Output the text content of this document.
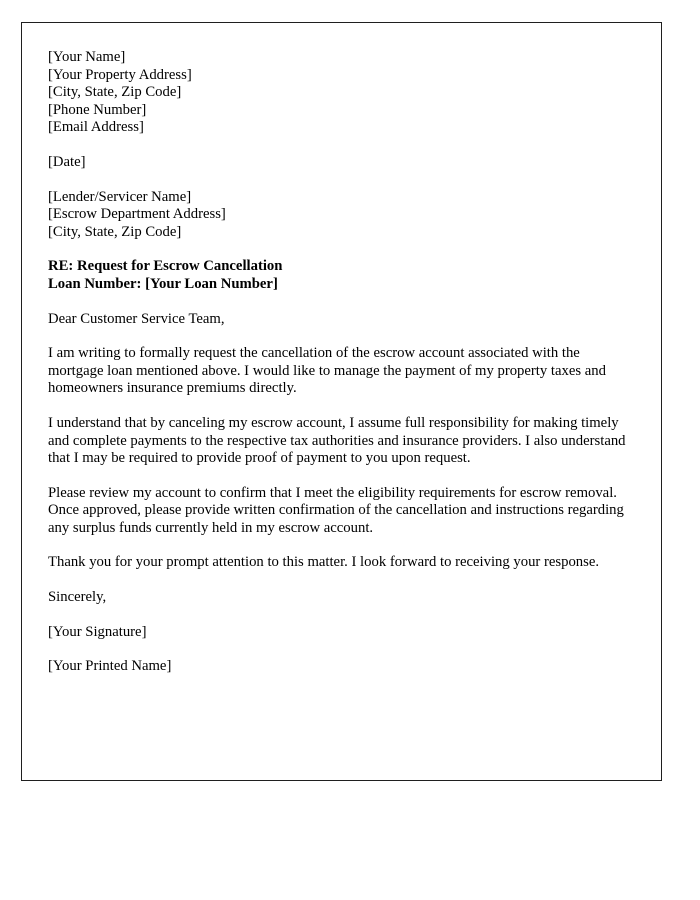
[Your Name]
[Your Property Address]
[City, State, Zip Code]
[Phone Number]
[Email Address]
[Date]
[Lender/Servicer Name]
[Escrow Department Address]
[City, State, Zip Code]
RE: Request for Escrow Cancellation
Loan Number: [Your Loan Number]
Dear Customer Service Team,

I am writing to formally request the cancellation of the escrow account associated with the mortgage loan mentioned above. I would like to manage the payment of my property taxes and homeowners insurance premiums directly.

I understand that by canceling my escrow account, I assume full responsibility for making timely and complete payments to the respective tax authorities and insurance providers. I also understand that I may be required to provide proof of payment to you upon request.

Please review my account to confirm that I meet the eligibility requirements for escrow removal. Once approved, please provide written confirmation of the cancellation and instructions regarding any surplus funds currently held in my escrow account.

Thank you for your prompt attention to this matter. I look forward to receiving your response.

Sincerely,
[Your Signature]
[Your Printed Name]
